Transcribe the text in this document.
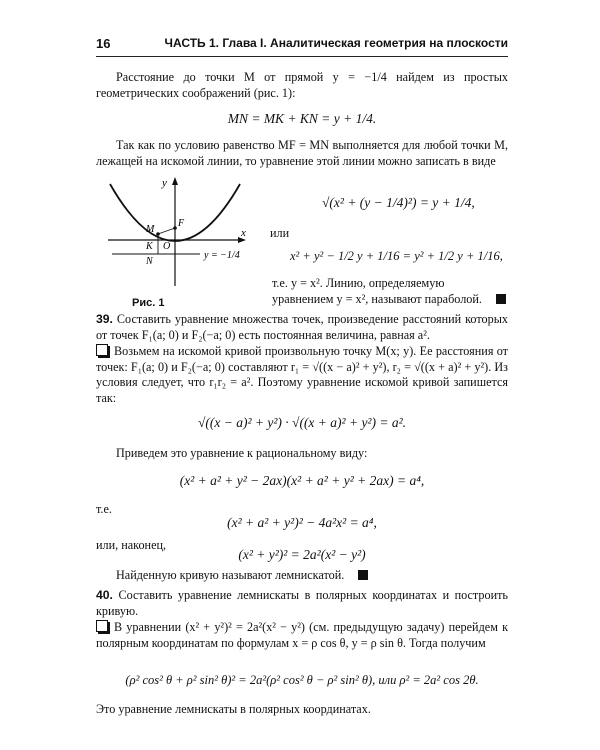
16	ЧАСТЬ 1. Глава I. Аналитическая геометрия на плоскости
Расстояние до точки M от прямой y = −1/4 найдем из простых геометрических соображений (рис. 1):
MN = MK + KN = y + 1/4.
Так как по условию равенство MF = MN выполняется для любой точки M, лежащей на искомой линии, то уравнение этой линии можно записать в виде
y
x
M
F
K O
N
y = −1/4
Рис. 1
√(x² + (y − 1/4)²) = y + 1/4,
или
x² + y² − 1/2 y + 1/16 = y² + 1/2 y + 1/16,
т.е. y = x². Линию, определяемую уравнением y = x², называют параболой.
39. Составить уравнение множества точек, произведение расстояний которых от точек F₁(a; 0) и F₂(−a; 0) есть постоянная величина, равная a².
Возьмем на искомой кривой произвольную точку M(x; y). Ее расстояния от точек: F₁(a; 0) и F₂(−a; 0) составляют r₁ = √((x − a)² + y²), r₂ = √((x + a)² + y²). Из условия следует, что r₁r₂ = a². Поэтому уравнение искомой кривой запишется так:
√((x − a)² + y²) · √((x + a)² + y²) = a².
Приведем это уравнение к рациональному виду:
(x² + a² + y² − 2ax)(x² + a² + y² + 2ax) = a⁴,
т.е.
(x² + a² + y²)² − 4a²x² = a⁴,
или, наконец,
(x² + y²)² = 2a²(x² − y²)
Найденную кривую называют лемнискатой.
40. Составить уравнение лемнискаты в полярных координатах и построить кривую.
В уравнении (x² + y²)² = 2a²(x² − y²) (см. предыдущую задачу) перейдем к полярным координатам по формулам x = ρ cos θ, y = ρ sin θ. Тогда получим
(ρ² cos² θ + ρ² sin² θ)² = 2a²(ρ² cos² θ − ρ² sin² θ), или ρ² = 2a² cos 2θ.
Это уравнение лемнискаты в полярных координатах.
